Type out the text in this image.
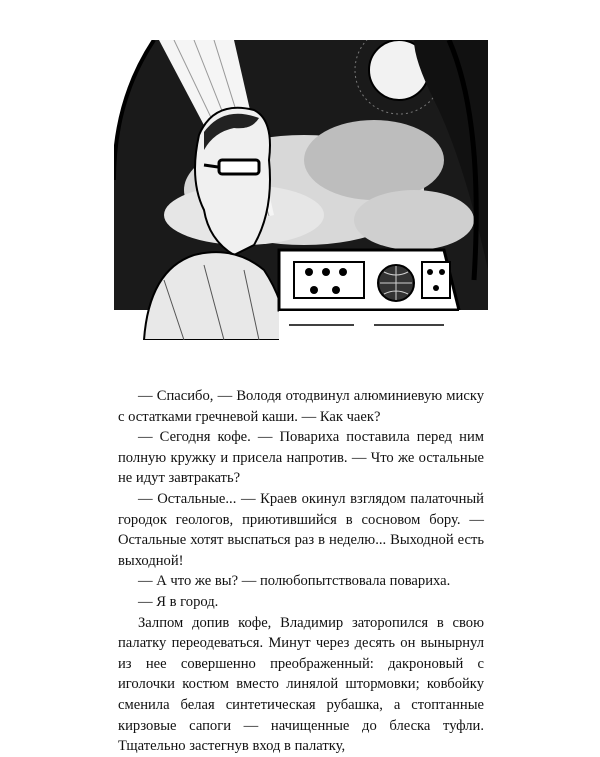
— Спасибо, — Володя отодвинул алюминиевую миску с остатками гречневой каши. — Как чаек?

— Сегодня кофе. — Повариха поставила перед ним полную кружку и присела напротив. — Что же остальные не идут завтракать?

— Остальные... — Краев окинул взглядом палаточный городок геологов, приютившийся в сосновом бору. — Остальные хотят выспаться раз в неделю... Выходной есть выходной!

— А что же вы? — полюбопытствовала повариха.

— Я в город.

Залпом допив кофе, Владимир заторопился в свою палатку переодеваться. Минут через десять он вынырнул из нее совершенно преображенный: дакроновый с иголочки костюм вместо линялой штормовки; ковбойку сменила белая синтетическая рубашка, а стоптанные кирзовые сапоги — начищенные до блеска туфли. Тщательно застегнув вход в палатку,
